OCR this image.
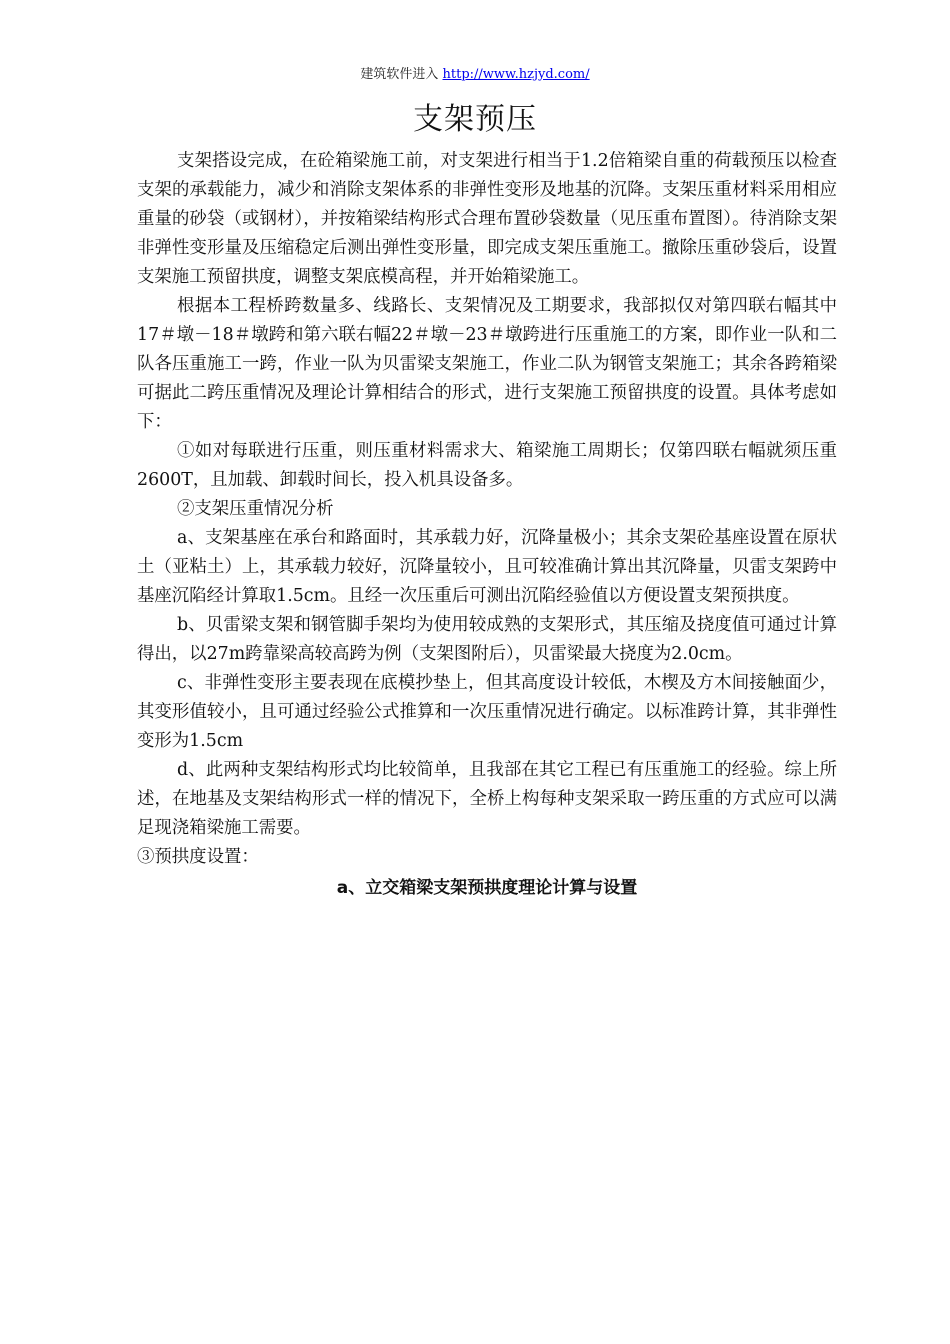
建筑软件进入 http://www.hzjyd.com/
支架预压

支架搭设完成，在砼箱梁施工前，对支架进行相当于1.2倍箱梁自重的荷载预压以检查支架的承载能力，减少和消除支架体系的非弹性变形及地基的沉降。支架压重材料采用相应重量的砂袋（或钢材），并按箱梁结构形式合理布置砂袋数量（见压重布置图）。待消除支架非弹性变形量及压缩稳定后测出弹性变形量，即完成支架压重施工。撤除压重砂袋后，设置支架施工预留拱度，调整支架底模高程，并开始箱梁施工。

根据本工程桥跨数量多、线路长、支架情况及工期要求，我部拟仅对第四联右幅其中17＃墩－18＃墩跨和第六联右幅22＃墩－23＃墩跨进行压重施工的方案，即作业一队和二队各压重施工一跨，作业一队为贝雷梁支架施工，作业二队为钢管支架施工；其余各跨箱梁可据此二跨压重情况及理论计算相结合的形式，进行支架施工预留拱度的设置。具体考虑如下：

①如对每联进行压重，则压重材料需求大、箱梁施工周期长；仅第四联右幅就须压重2600T，且加载、卸载时间长，投入机具设备多。

②支架压重情况分析

a、支架基座在承台和路面时，其承载力好，沉降量极小；其余支架砼基座设置在原状土（亚粘土）上，其承载力较好，沉降量较小，且可较准确计算出其沉降量，贝雷支架跨中基座沉陷经计算取1.5cm。且经一次压重后可测出沉陷经验值以方便设置支架预拱度。

b、贝雷梁支架和钢管脚手架均为使用较成熟的支架形式，其压缩及挠度值可通过计算得出，以27m跨靠梁高较高跨为例（支架图附后），贝雷梁最大挠度为2.0cm。

c、非弹性变形主要表现在底模抄垫上，但其高度设计较低，木楔及方木间接触面少，其变形值较小，且可通过经验公式推算和一次压重情况进行确定。以标准跨计算，其非弹性变形为1.5cm

d、此两种支架结构形式均比较简单，且我部在其它工程已有压重施工的经验。综上所述，在地基及支架结构形式一样的情况下，全桥上构每种支架采取一跨压重的方式应可以满足现浇箱梁施工需要。

③预拱度设置：

a、立交箱梁支架预拱度理论计算与设置
